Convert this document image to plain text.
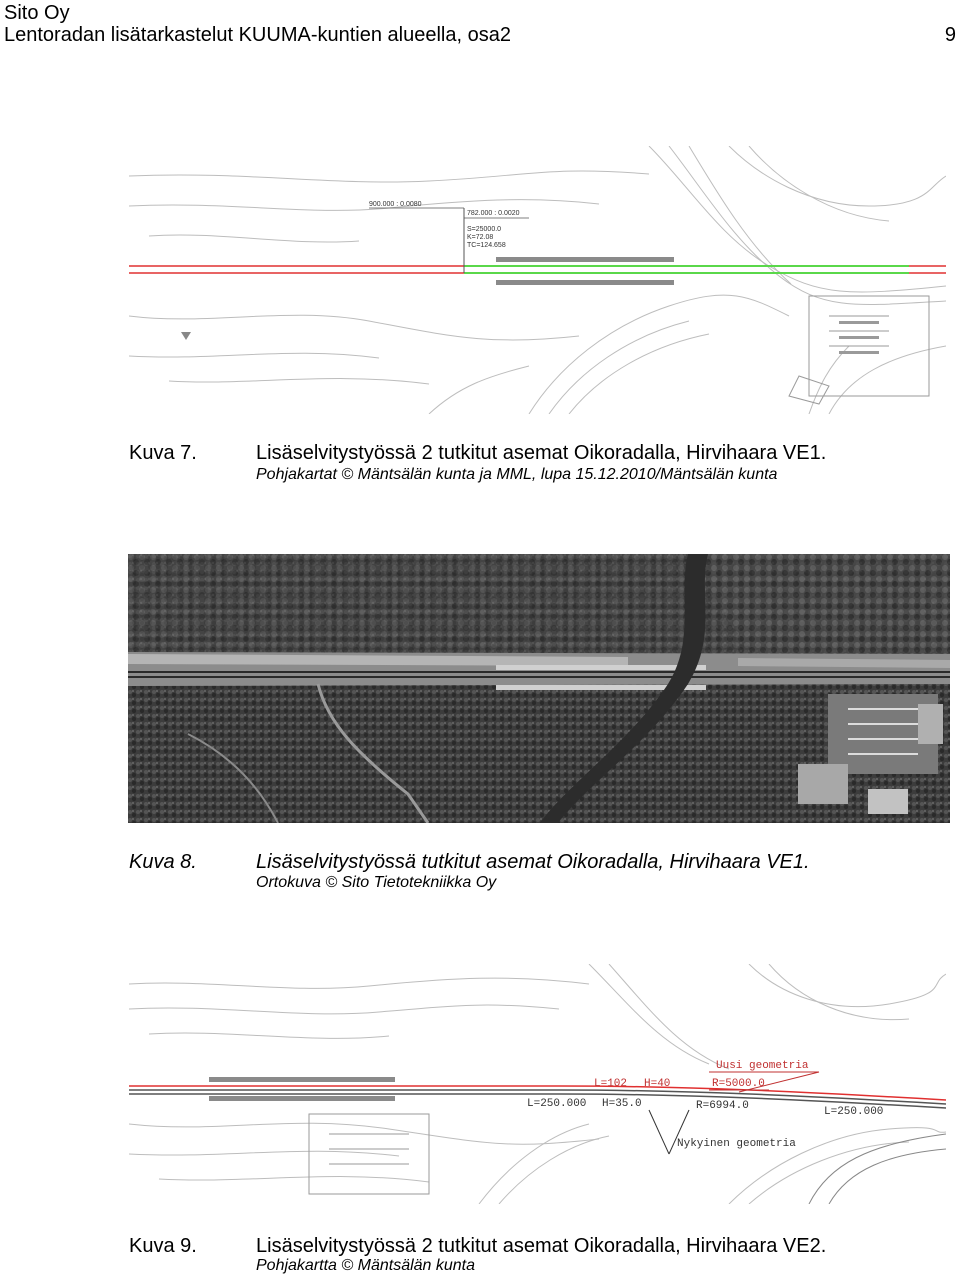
Sito Oy
Lentoradan lisätarkastelut KUUMA-kuntien alueella, osa2	9
900.000 : 0.0080
782.000 : 0.0020
S=25000.0
K=72.08
TC=124.658
Kuva 7.	Lisäselvitystyössä 2 tutkitut asemat Oikoradalla, Hirvihaara VE1.
Pohjakartat © Mäntsälän kunta ja MML, lupa 15.12.2010/Mäntsälän kunta
Kuva 8.	Lisäselvitystyössä tutkitut asemat Oikoradalla, Hirvihaara VE1.
Ortokuva © Sito Tietotekniikka Oy
Uusi geometria
L=102 H=40	R=5000.0
L=250.000 H=35.0	R=6994.0	L=250.000
Nykyinen geometria
Kuva 9.	Lisäselvitystyössä 2 tutkitut asemat Oikoradalla, Hirvihaara VE2.
Pohjakartta © Mäntsälän kunta
